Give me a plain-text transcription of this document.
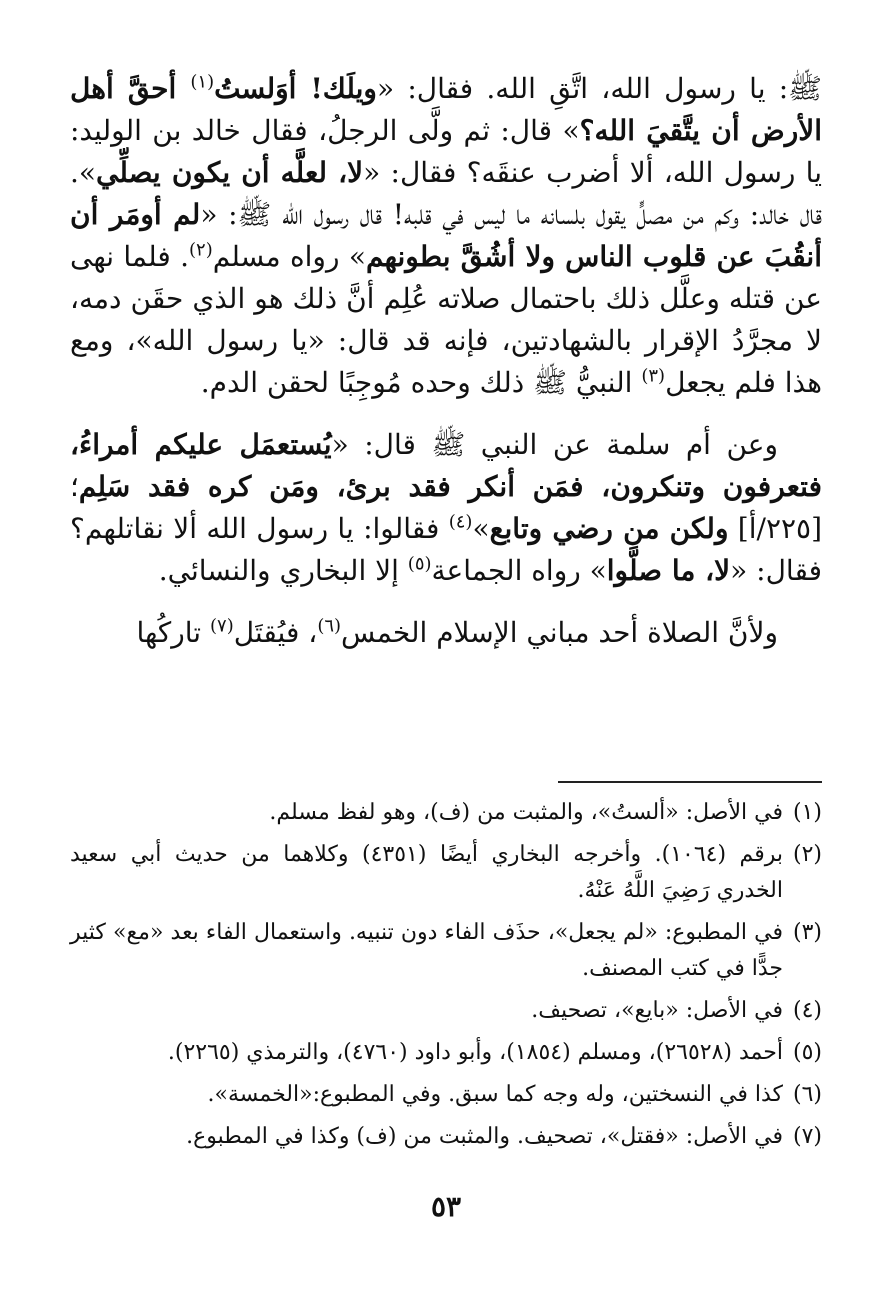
ﷺ: يا رسول الله، اتَّقِ الله. فقال: «ويلَك! أوَلستُ$^{(١)}$ أحقَّ أهل الأرض أن يتَّقيَ الله؟» قال: ثم ولَّى الرجلُ، فقال خالد بن الوليد: يا رسول الله، ألا أضرب عنقَه؟ فقال: «لا، لعلَّه أن يكون يصلِّي». قال خالد: وكم من مصلٍّ يقول بلسانه ما ليس في قلبه! قال رسول الله ﷺ: «لم أومَر أن أنقُبَ عن قلوب الناس ولا أشُقَّ بطونهم» رواه مسلم$^{(٢)}$. فلما نهى عن قتله وعلَّل ذلك باحتمال صلاته عُلِم أنَّ ذلك هو الذي حقَن دمه، لا مجرَّدُ الإقرار بالشهادتين، فإنه قد قال: «يا رسول الله»، ومع هذا فلم يجعل$^{(٣)}$ النبيُّ ﷺ ذلك وحده مُوجِبًا لحقن الدم.

وعن أم سلمة عن النبي ﷺ قال: «يُستعمَل عليكم أمراءُ، فتعرفون وتنكرون، فمَن أنكر فقد برئ، ومَن كره فقد سَلِم؛ [٢٢٥/أ] ولكن من رضي وتابع»$^{(٤)}$ فقالوا: يا رسول الله ألا نقاتلهم؟ فقال: «لا، ما صلَّوا» رواه الجماعة$^{(٥)}$ إلا البخاري والنسائي.

ولأنَّ الصلاة أحد مباني الإسلام الخمس$^{(٦)}$، فيُقتَل$^{(٧)}$ تاركُها

(١)
في الأصل: «ألستُ»، والمثبت من (ف)، وهو لفظ مسلم.
(٢)
برقم (١٠٦٤). وأخرجه البخاري أيضًا (٤٣٥١) وكلاهما من حديث أبي سعيد الخدري رَضِيَ اللَّهُ عَنْهُ.
(٣)
في المطبوع: «لم يجعل»، حذَف الفاء دون تنبيه. واستعمال الفاء بعد «مع» كثير جدًّا في كتب المصنف.
(٤)
في الأصل: «بايع»، تصحيف.
(٥)
أحمد (٢٦٥٢٨)، ومسلم (١٨٥٤)، وأبو داود (٤٧٦٠)، والترمذي (٢٢٦٥).
(٦)
كذا في النسختين، وله وجه كما سبق. وفي المطبوع:«الخمسة».
(٧)
في الأصل: «فقتل»، تصحيف. والمثبت من (ف) وكذا في المطبوع.
٥٣
